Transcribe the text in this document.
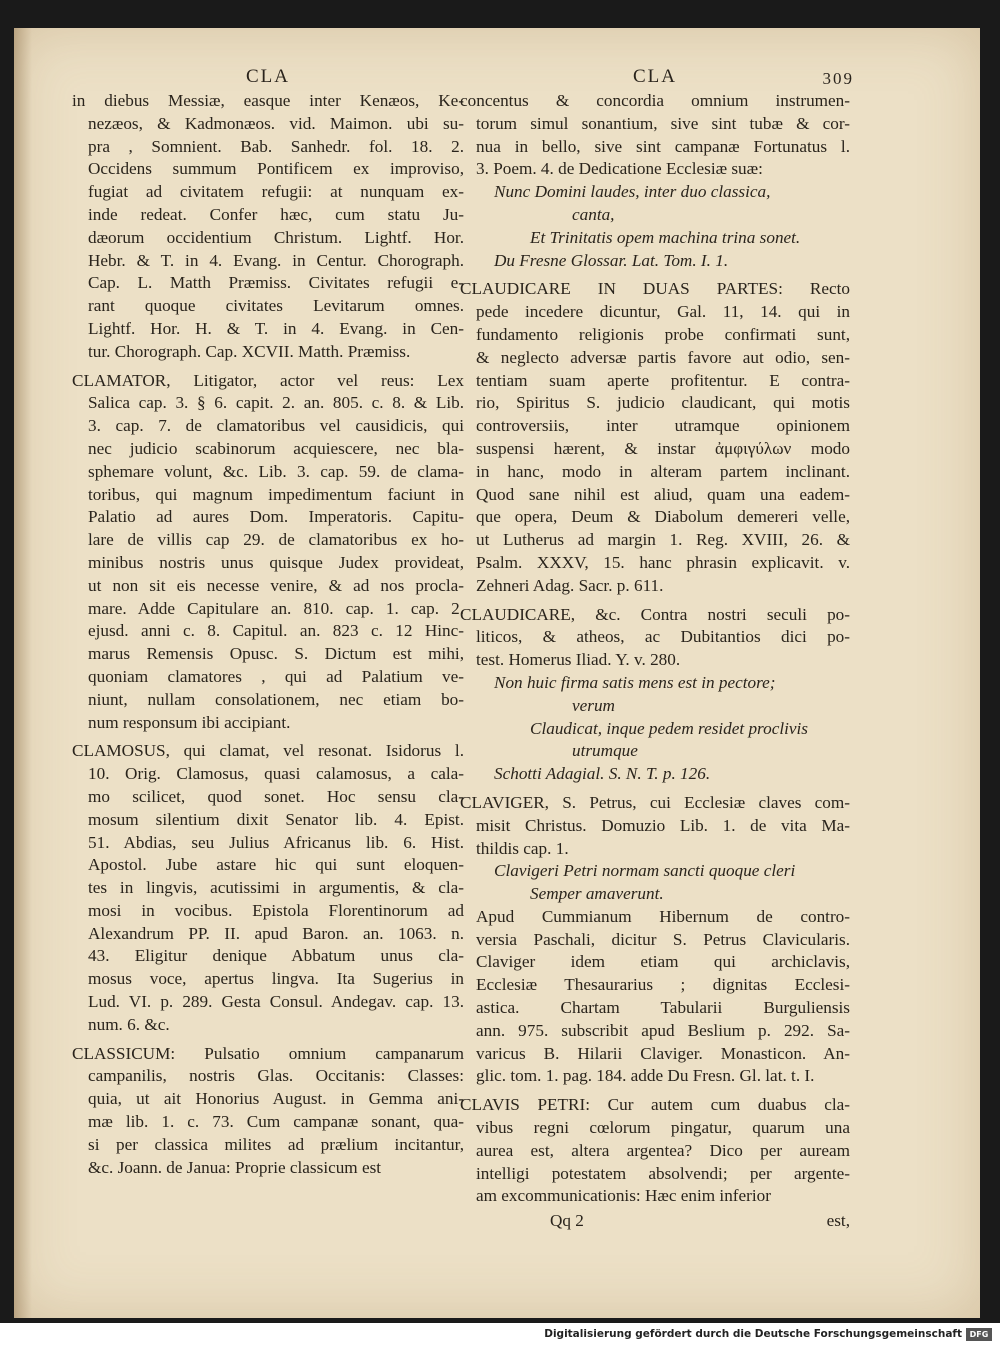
CLA
in diebus Messiæ, easque inter Kenæos, Ke-
nezæos, & Kadmonæos. vid. Maimon. ubi su-
pra , Somnient. Bab. Sanhedr. fol. 18. 2.
Occidens summum Pontificem ex improviso,
fugiat ad civitatem refugii: at nunquam ex-
inde redeat. Confer hæc, cum statu Ju-
dæorum occidentium Christum. Lightf. Hor.
Hebr. & T. in 4. Evang. in Centur. Chorograph.
Cap. L. Matth Præmiss. Civitates refugii e-
rant quoque civitates Levitarum omnes.
Lightf. Hor. H. & T. in 4. Evang. in Cen-
tur. Chorograph. Cap. XCVII. Matth. Præmiss.
CLAMATOR, Litigator, actor vel reus: Lex
Salica cap. 3. § 6. capit. 2. an. 805. c. 8. & Lib.
3. cap. 7. de clamatoribus vel causidicis, qui
nec judicio scabinorum acquiescere, nec bla-
sphemare volunt, &c. Lib. 3. cap. 59. de clama-
toribus, qui magnum impedimentum faciunt in
Palatio ad aures Dom. Imperatoris. Capitu-
lare de villis cap 29. de clamatoribus ex ho-
minibus nostris unus quisque Judex provideat,
ut non sit eis necesse venire, & ad nos procla-
mare. Adde Capitulare an. 810. cap. 1. cap. 2.
ejusd. anni c. 8. Capitul. an. 823 c. 12 Hinc-
marus Remensis Opusc. S. Dictum est mihi,
quoniam clamatores , qui ad Palatium ve-
niunt, nullam consolationem, nec etiam bo-
num responsum ibi accipiant.
CLAMOSUS, qui clamat, vel resonat. Isidorus l.
10. Orig. Clamosus, quasi calamosus, a cala-
mo scilicet, quod sonet. Hoc sensu cla-
mosum silentium dixit Senator lib. 4. Epist.
51. Abdias, seu Julius Africanus lib. 6. Hist.
Apostol. Jube astare hic qui sunt eloquen-
tes in lingvis, acutissimi in argumentis, & cla-
mosi in vocibus. Epistola Florentinorum ad
Alexandrum PP. II. apud Baron. an. 1063. n.
43. Eligitur denique Abbatum unus cla-
mosus voce, apertus lingva. Ita Sugerius in
Lud. VI. p. 289. Gesta Consul. Andegav. cap. 13.
num. 6. &c.
CLASSICUM: Pulsatio omnium campanarum
campanilis, nostris Glas. Occitanis: Classes:
quia, ut ait Honorius August. in Gemma ani-
mæ lib. 1. c. 73. Cum campanæ sonant, qua-
si per classica milites ad prælium incitantur,
&c. Joann. de Janua: Proprie classicum est
CLA	309
concentus & concordia omnium instrumen-
torum simul sonantium, sive sint tubæ & cor-
nua in bello, sive sint campanæ Fortunatus l.
3. Poem. 4. de Dedicatione Ecclesiæ suæ:
Nunc Domini laudes, inter duo classica,
canta,
Et Trinitatis opem machina trina sonet.
Du Fresne Glossar. Lat. Tom. I. 1.
CLAUDICARE IN DUAS PARTES: Recto
pede incedere dicuntur, Gal. 11, 14. qui in
fundamento religionis probe confirmati sunt,
& neglecto adversæ partis favore aut odio, sen-
tentiam suam aperte profitentur. E contra-
rio, Spiritus S. judicio claudicant, qui motis
controversiis, inter utramque opinionem
suspensi hærent, & instar ἀμφιγύλων modo
in hanc, modo in alteram partem inclinant.
Quod sane nihil est aliud, quam una eadem-
que opera, Deum & Diabolum demereri velle,
ut Lutherus ad margin 1. Reg. XVIII, 26. &
Psalm. XXXV, 15. hanc phrasin explicavit. v.
Zehneri Adag. Sacr. p. 611.
CLAUDICARE, &c. Contra nostri seculi po-
liticos, & atheos, ac Dubitantios dici po-
test. Homerus Iliad. Y. v. 280.
Non huic firma satis mens est in pectore;
verum
Claudicat, inque pedem residet proclivis
utrumque
Schotti Adagial. S. N. T. p. 126.
CLAVIGER, S. Petrus, cui Ecclesiæ claves com-
misit Christus. Domuzio Lib. 1. de vita Ma-
thildis cap. 1.
Clavigeri Petri normam sancti quoque cleri
Semper amaverunt.
Apud Cummianum Hibernum de contro-
versia Paschali, dicitur S. Petrus Clavicularis.
Claviger idem etiam qui archiclavis,
Ecclesiæ Thesaurarius ; dignitas Ecclesi-
astica. Chartam Tabularii Burguliensis
ann. 975. subscribit apud Beslium p. 292. Sa-
varicus B. Hilarii Claviger. Monasticon. An-
glic. tom. 1. pag. 184. adde Du Fresn. Gl. lat. t. I.
CLAVIS PETRI: Cur autem cum duabus cla-
vibus regni cœlorum pingatur, quarum una
aurea est, altera argentea? Dico per auream
intelligi potestatem absolvendi; per argente-
am excommunicationis: Hæc enim inferior
Qq 2	est,
Digitalisierung gefördert durch die Deutsche Forschungsgemeinschaft DFG
